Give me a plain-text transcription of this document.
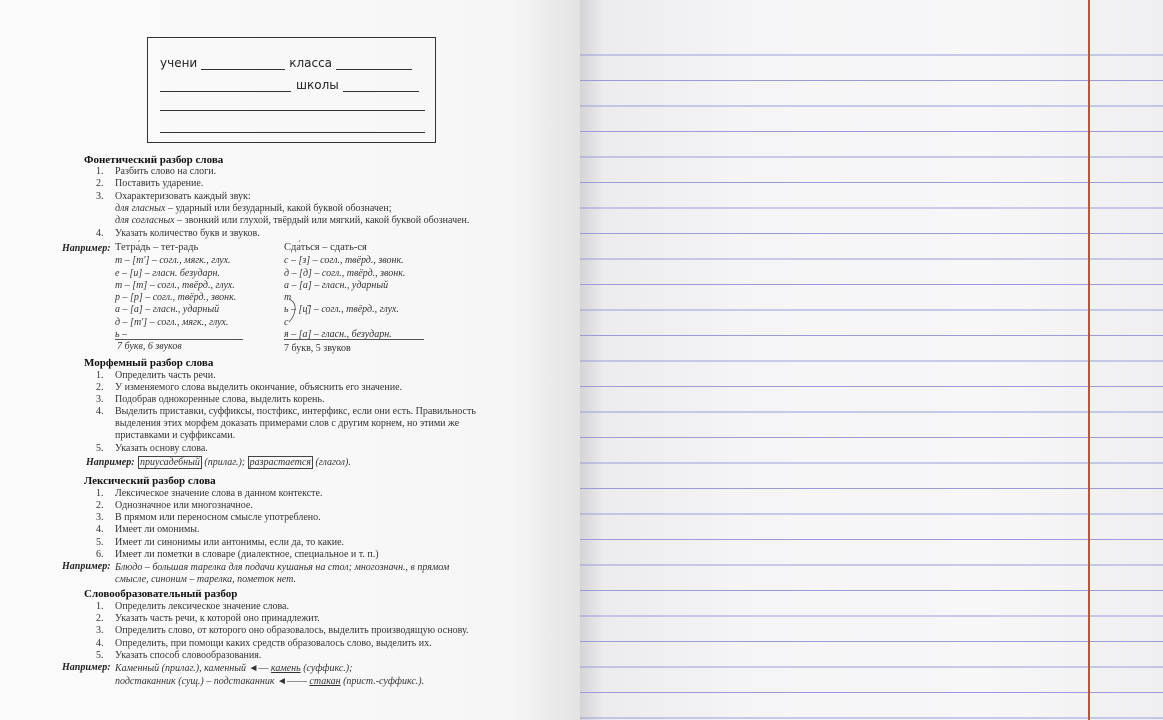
учени	класса
школы
Фонетический разбор слова
1. Разбить слово на слоги.
2. Поставить ударение.
3. Охарактеризовать каждый звук:
для гласных – ударный или безударный, какой буквой обозначен;
для согласных – звонкий или глухой, твёрдый или мягкий, какой буквой обозначен.
4. Указать количество букв и звуков.
Например: Тетра́дь – тет-радь
т – [т'] – согл., мягк., глух.
е – [и] – гласн. безударн.
т – [т] – согл., твёрд., глух.
р – [р] – согл., твёрд., звонк.
а – [а] – гласн., ударный
д – [т'] – согл., мягк., глух.
ь –
7 букв, 6 звуков
Сда́ться – сдать-ся
с – [з] – согл., твёрд., звонк.
д – [д] – согл., твёрд., звонк.
а – [а] – гласн., ударный
т
ь – [ц̄] – согл., твёрд., глух.
с
я – [а] – гласн., безударн.
7 букв, 5 звуков
Морфемный разбор слова
1. Определить часть речи.
2. У изменяемого слова выделить окончание, объяснить его значение.
3. Подобрав однокоренные слова, выделить корень.
4. Выделить приставки, суффиксы, постфикс, интерфикс, если они есть. Правильность
выделения этих морфем доказать примерами слов с другим корнем, но этими же
приставками и суффиксами.
5. Указать основу слова.
Например: приусадебный (прилаг.); разрастается (глагол).
Лексический разбор слова
1. Лексическое значение слова в данном контексте.
2. Однозначное или многозначное.
3. В прямом или переносном смысле употреблено.
4. Имеет ли омонимы.
5. Имеет ли синонимы или антонимы, если да, то какие.
6. Имеет ли пометки в словаре (диалектное, специальное и т. п.)
Например: Блюдо – большая тарелка для подачи кушанья на стол; многозначн., в прямом
смысле, синоним – тарелка, пометок нет.
Словообразовательный разбор
1. Определить лексическое значение слова.
2. Указать часть речи, к которой оно принадлежит.
3. Определить слово, от которого оно образовалось, выделить производящую основу.
4. Определить, при помощи каких средств образовалось слово, выделить их.
5. Указать способ словообразования.
Например: Каменный (прилаг.), каменный ◄— камень (суффикс.);
подстаканник (сущ.) – подстаканник ◄—— стакан (прист.-суффикс.).
